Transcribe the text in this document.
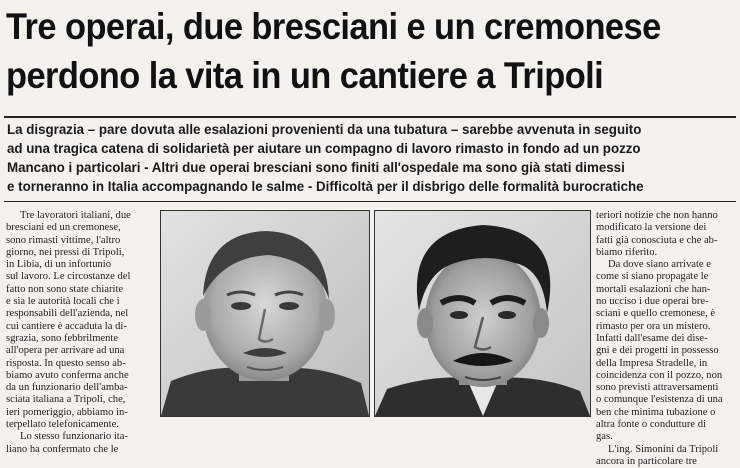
Tre operai, due bresciani e un cremonese
perdono la vita in un cantiere a Tripoli
La disgrazia – pare dovuta alle esalazioni provenienti da una tubatura – sarebbe avvenuta in seguito
ad una tragica catena di solidarietà per aiutare un compagno di lavoro rimasto in fondo ad un pozzo
Mancano i particolari - Altri due operai bresciani sono finiti all'ospedale ma sono già stati dimessi
e torneranno in Italia accompagnando le salme - Difficoltà per il disbrigo delle formalità burocratiche
Tre lavoratori italiani, due
bresciani ed un cremonese,
sono rimasti vittime, l'altro
giorno, nei pressi di Tripoli,
in Libia, di un infortunio
sul lavoro. Le circostanze del
fatto non sono state chiarite
e sia le autorità locali che i
responsabili dell'azienda, nel
cui cantiere è accaduta la di-
sgrazia, sono febbrilmente
all'opera per arrivare ad una
risposta. In questo senso ab-
biamo avuto conferma anche
da un funzionario dell'amba-
sciata italiana a Tripoli, che,
ieri pomeriggio, abbiamo in-
terpellato telefonicamente.
Lo stesso funzionario ita-
liano ha confermato che le
teriori notizie che non hanno
modificato la versione dei
fatti già conosciuta e che ab-
biamo riferito.
Da dove siano arrivate e
come si siano propagate le
mortali esalazioni che han-
no ucciso i due operai bre-
sciani e quello cremonese, è
rimasto per ora un mistero.
Infatti dall'esame dei dise-
gni e dei progetti in possesso
della Impresa Stradelle, in
coincidenza con il pozzo, non
sono previsti attraversamenti
o comunque l'esistenza di una
ben che minima tubazione o
altra fonte o condutture di
gas.
L'ing. Simonini da Tripoli
ancora in particolare tre
